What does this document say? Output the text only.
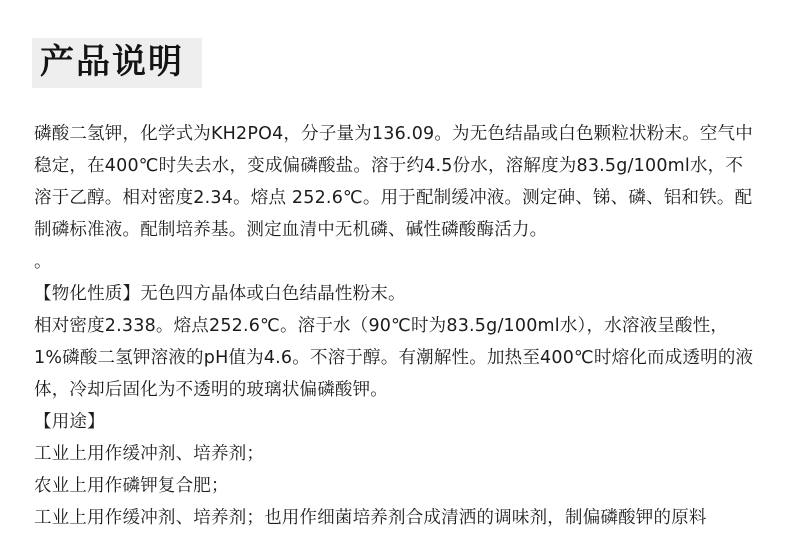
产品说明

磷酸二氢钾，化学式为KH2PO4，分子量为136.09。为无色结晶或白色颗粒状粉末。空气中稳定，在400℃时失去水，变成偏磷酸盐。溶于约4.5份水，溶解度为83.5g/100ml水，不溶于乙醇。相对密度2.34。熔点 252.6℃。用于配制缓冲液。测定砷、锑、磷、铝和铁。配制磷标准液。配制培养基。测定血清中无机磷、碱性磷酸酶活力。

。

【物化性质】无色四方晶体或白色结晶性粉末。

相对密度2.338。熔点252.6℃。溶于水（90℃时为83.5g/100ml水），水溶液呈酸性，1%磷酸二氢钾溶液的pH值为4.6。不溶于醇。有潮解性。加热至400℃时熔化而成透明的液体，冷却后固化为不透明的玻璃状偏磷酸钾。

【用途】

工业上用作缓冲剂、培养剂；

农业上用作磷钾复合肥；

工业上用作缓冲剂、培养剂；也用作细菌培养剂合成清洒的调味剂，制偏磷酸钾的原料
